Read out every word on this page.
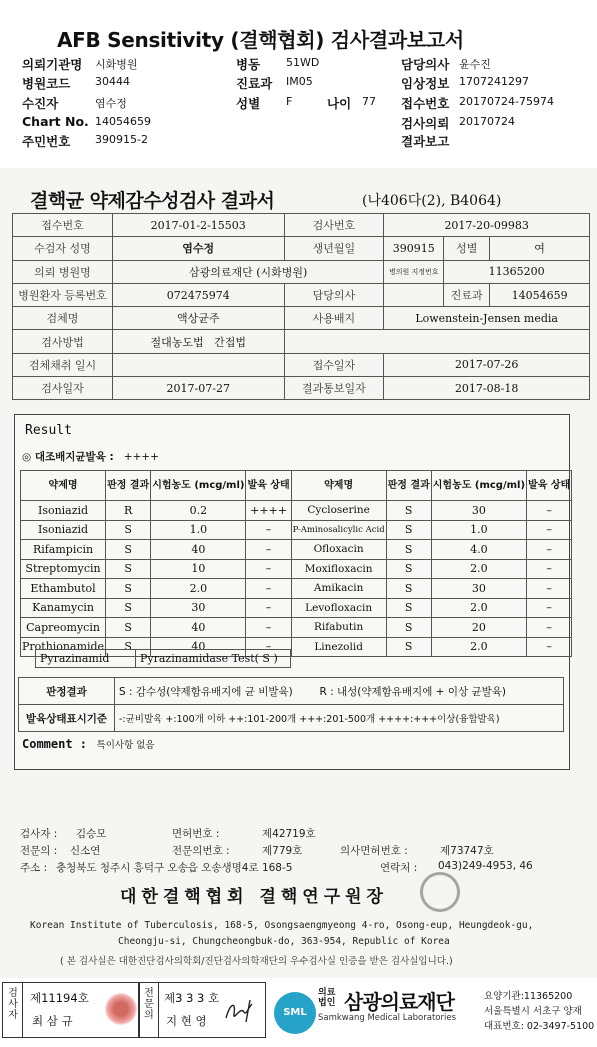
AFB Sensitivity (결핵협회) 검사결과보고서
의뢰기관명 시화병원	병동 51WD	담당의사 윤수진
병원코드 30444	진료과 IM05	임상정보 1707241297
수진자	염수정	성별 F	나이 77 접수번호 20170724-75974
Chart No. 14054659	검사의뢰 20170724
주민번호 390915-2	결과보고
결핵균 약제감수성검사 결과서	(나406다(2), B4064)
접수번호	2017-01-2-15503	검사번호	2017-20-09983		
수검자 성명	염수정	생년월일	390915	성별	여
의뢰 병원명	삼광의료재단 (시화병원)		병의원 지정번호	11365200	
병원환자 등록번호	072475974	담당의사		진료과	14054659
검체명	액상균주	사용배지	Lowenstein-Jensen media		
검사방법	절대농도법 간접법				
검체채취 일시		접수일자	2017-07-26		
검사일자	2017-07-27	결과통보일자	2017-08-18		
Result
◎ 대조배지균발육 : ++++
약제명	판정 결과	시험농도 (mcg/ml)	발육 상태	약제명	판정 결과	시험농도 (mcg/ml)	발육 상태
Isoniazid	R	0.2	++++	Cycloserine	S	30	–
Isoniazid	S	1.0	–	P-Aminosalicylic Acid	S	1.0	–
Rifampicin	S	40	–	Ofloxacin	S	4.0	–
Streptomycin	S	10	–	Moxifloxacin	S	2.0	–
Ethambutol	S	2.0	–	Amikacin	S	30	–
Kanamycin	S	30	–	Levofloxacin	S	2.0	–
Capreomycin	S	40	–	Rifabutin	S	20	–
Prothionamide	S	40	–	Linezolid	S	2.0	–
Pyrazinamid	Pyrazinamidase Test( S )
판정결과	S : 감수성(약제함유배지에 균 비발육) R : 내성(약제함유배지에 + 이상 균발육)
발육상태표시기준	-:균비발육 +:100개 이하 ++:101-200개 +++:201-500개 ++++:+++이상(융합발육)
Comment : 특이사항 없음
검사자 : 김승모	면허번호 :	제42719호
전문의 : 신소연	전문의번호 :	제779호	의사면허번호 :	제73747호
주소 : 충청북도 청주시 흥덕구 오송읍 오송생명4로 168-5	연락처 : 043)249-4953, 46
대한결핵협회 결핵연구원장
Korean Institute of Tuberculosis, 168-5, Osongsaengmyeong 4-ro, Osong-eup, Heungdeok-gu,
Cheongju-si, Chungcheongbuk-do, 363-954, Republic of Korea
( 본 검사실은 대한진단검사의학회/진단검사의학재단의 우수검사실 인증을 받은 검사실입니다.)
검사자
제11194호
최 삼 규
전문의
제3 3 3 호
지 현 영
SML
의료법인 삼광의료재단
Samkwang Medical Laboratories
요양기관:11365200
서울특별시 서초구 양재
대표번호: 02-3497-5100
